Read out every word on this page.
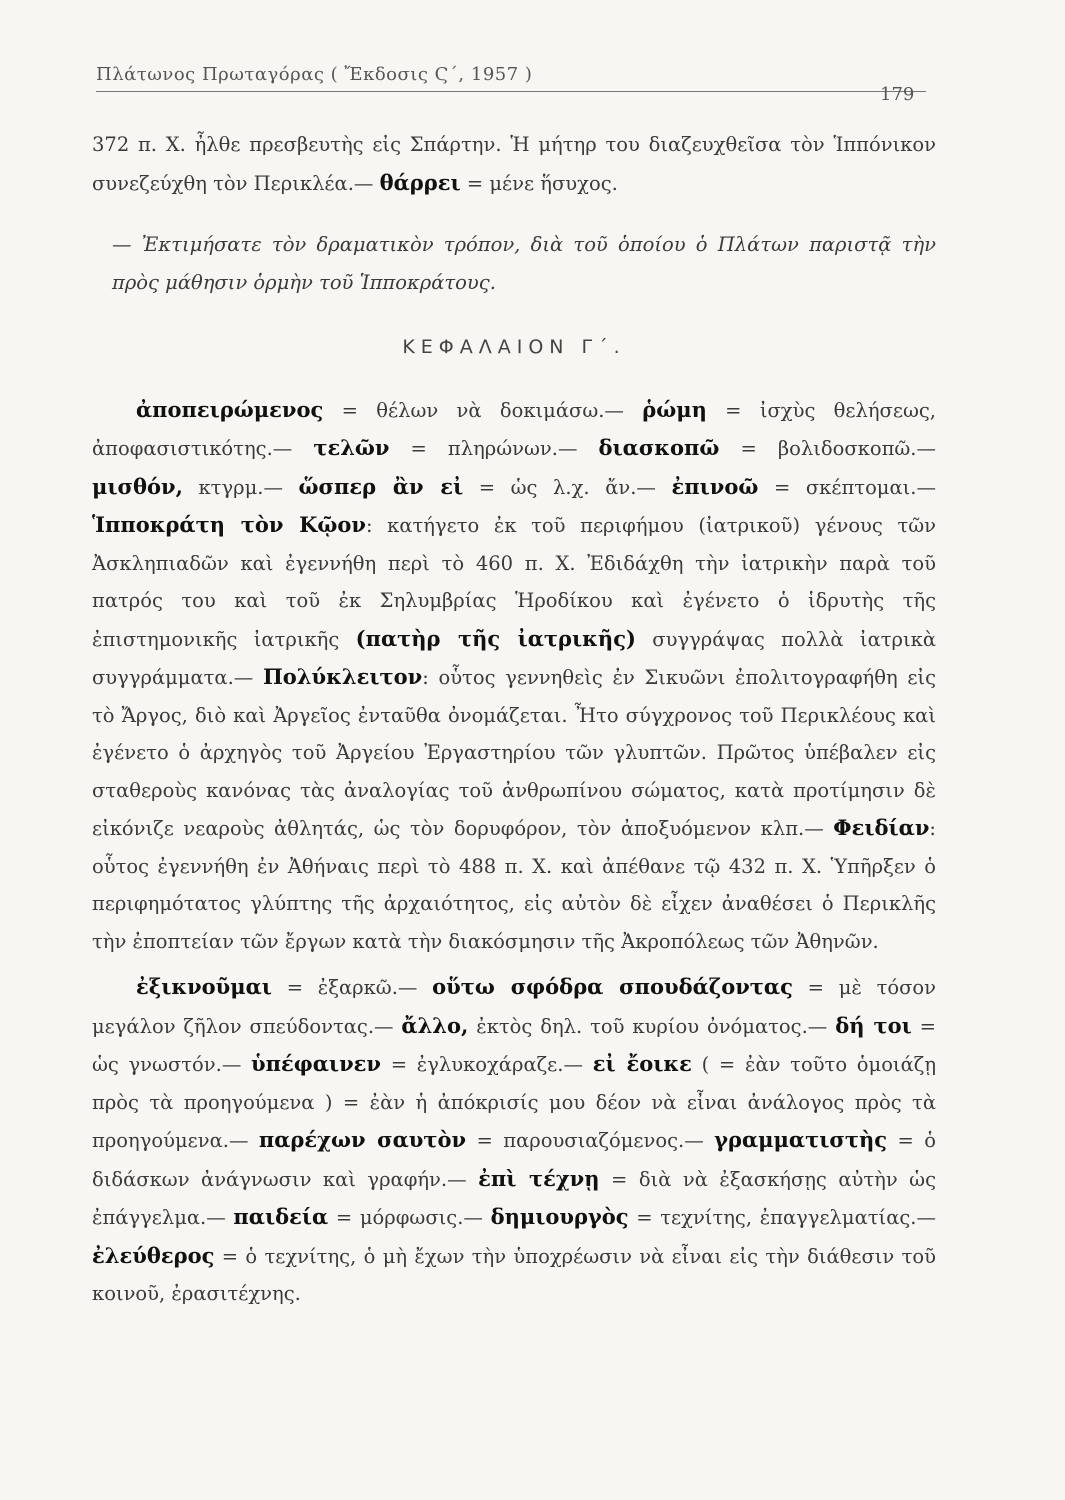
Πλάτωνος Πρωταγόρας ( Ἔκδοσις Ϛ΄, 1957 )
179

372 π. Χ. ἦλθε πρεσβευτὴς εἰς Σπάρτην. Ἡ μήτηρ του διαζευχθεῖσα τὸν Ἱππόνικον συνεζεύχθη τὸν Περικλέα.— θάρρει = μένε ἥσυχος.

— Ἐκτιμήσατε τὸν δραματικὸν τρόπον, διὰ τοῦ ὁποίου ὁ Πλάτων παριστᾷ τὴν πρὸς μάθησιν ὁρμὴν τοῦ Ἱπποκράτους.

ΚΕΦΑΛΑΙΟΝ Γ΄.

ἀποπειρώμενος = θέλων νὰ δοκιμάσω.— ῥώμη = ἰσχὺς θελήσεως, ἀποφασιστικότης.— τελῶν = πληρώνων.— διασκοπῶ = βολιδοσκοπῶ.— μισθόν, κτγρμ.— ὥσπερ ἂν εἰ = ὡς λ.χ. ἄν.— ἐπινοῶ = σκέπτομαι.— Ἱπποκράτη τὸν Κῷον: κατήγετο ἐκ τοῦ περιφήμου (ἰατρικοῦ) γένους τῶν Ἀσκληπιαδῶν καὶ ἐγεννήθη περὶ τὸ 460 π. Χ. Ἐδιδάχθη τὴν ἰατρικὴν παρὰ τοῦ πατρός του καὶ τοῦ ἐκ Σηλυμβρίας Ἡροδίκου καὶ ἐγένετο ὁ ἱδρυτὴς τῆς ἐπιστημονικῆς ἰατρικῆς (πατὴρ τῆς ἰατρικῆς) συγγράψας πολλὰ ἰατρικὰ συγγράμματα.— Πολύκλειτον: οὗτος γεννηθεὶς ἐν Σικυῶνι ἐπολιτογραφήθη εἰς τὸ Ἄργος, διὸ καὶ Ἀργεῖος ἐνταῦθα ὀνομάζεται. Ἦτο σύγχρονος τοῦ Περικλέους καὶ ἐγένετο ὁ ἀρχηγὸς τοῦ Ἀργείου Ἐργαστηρίου τῶν γλυπτῶν. Πρῶτος ὑπέβαλεν εἰς σταθεροὺς κανόνας τὰς ἀναλογίας τοῦ ἀνθρωπίνου σώματος, κατὰ προτίμησιν δὲ εἰκόνιζε νεαροὺς ἀθλητάς, ὡς τὸν δορυφόρον, τὸν ἀποξυόμενον κλπ.— Φειδίαν: οὗτος ἐγεννήθη ἐν Ἀθήναις περὶ τὸ 488 π. Χ. καὶ ἀπέθανε τῷ 432 π. Χ. Ὑπῆρξεν ὁ περιφημότατος γλύπτης τῆς ἀρχαιότητος, εἰς αὐτὸν δὲ εἶχεν ἀναθέσει ὁ Περικλῆς τὴν ἐποπτείαν τῶν ἔργων κατὰ τὴν διακόσμησιν τῆς Ἀκροπόλεως τῶν Ἀθηνῶν.

ἐξικνοῦμαι = ἐξαρκῶ.— οὕτω σφόδρα σπουδάζοντας = μὲ τόσον μεγάλον ζῆλον σπεύδοντας.— ἄλλο, ἐκτὸς δηλ. τοῦ κυρίου ὀνόματος.— δή τοι = ὡς γνωστόν.— ὑπέφαινεν = ἐγλυκοχάραζε.— εἰ ἔοικε ( = ἐὰν τοῦτο ὁμοιάζῃ πρὸς τὰ προηγούμενα ) = ἐὰν ἡ ἀπόκρισίς μου δέον νὰ εἶναι ἀνάλογος πρὸς τὰ προηγούμενα.— παρέχων σαυτὸν = παρουσιαζόμενος.— γραμματιστὴς = ὁ διδάσκων ἀνάγνωσιν καὶ γραφήν.— ἐπὶ τέχνῃ = διὰ νὰ ἐξασκήσῃς αὐτὴν ὡς ἐπάγγελμα.— παιδεία = μόρφωσις.— δημιουργὸς = τεχνίτης, ἐπαγγελματίας.— ἐλεύθερος = ὁ τεχνίτης, ὁ μὴ ἔχων τὴν ὑποχρέωσιν νὰ εἶναι εἰς τὴν διάθεσιν τοῦ κοινοῦ, ἐρασιτέχνης.
